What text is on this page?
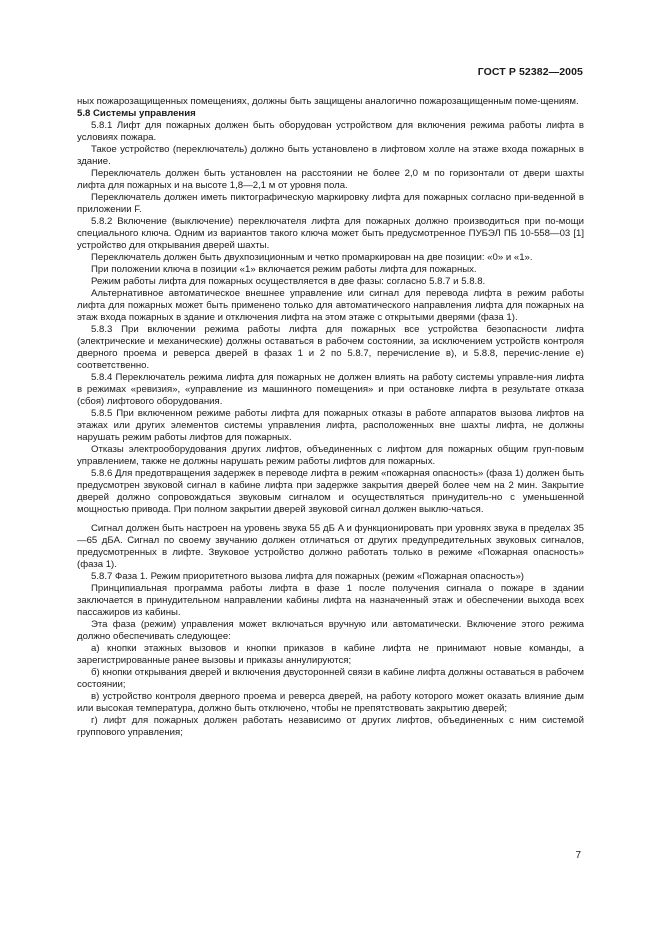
ГОСТ Р 52382—2005

ных пожарозащищенных помещениях, должны быть защищены аналогично пожарозащищенным поме-щениям.

5.8 Системы управления

5.8.1 Лифт для пожарных должен быть оборудован устройством для включения режима работы лифта в условиях пожара.

Такое устройство (переключатель) должно быть установлено в лифтовом холле на этаже входа пожарных в здание.

Переключатель должен быть установлен на расстоянии не более 2,0 м по горизонтали от двери шахты лифта для пожарных и на высоте 1,8—2,1 м от уровня пола.

Переключатель должен иметь пиктографическую маркировку лифта для пожарных согласно при-веденной в приложении F.

5.8.2 Включение (выключение) переключателя лифта для пожарных должно производиться при по-мощи специального ключа. Одним из вариантов такого ключа может быть предусмотренное ПУБЭЛ ПБ 10-558—03 [1] устройство для открывания дверей шахты.

Переключатель должен быть двухпозиционным и четко промаркирован на две позиции: «0» и «1».

При положении ключа в позиции «1» включается режим работы лифта для пожарных.

Режим работы лифта для пожарных осуществляется в две фазы: согласно 5.8.7 и 5.8.8.

Альтернативное автоматическое внешнее управление или сигнал для перевода лифта в режим работы лифта для пожарных может быть применено только для автоматического направления лифта для пожарных на этаж входа пожарных в здание и отключения лифта на этом этаже с открытыми дверями (фаза 1).

5.8.3 При включении режима работы лифта для пожарных все устройства безопасности лифта (электрические и механические) должны оставаться в рабочем состоянии, за исключением устройств контроля дверного проема и реверса дверей в фазах 1 и 2 по 5.8.7, перечисление в), и 5.8.8, перечис-ление е) соответственно.

5.8.4 Переключатель режима лифта для пожарных не должен влиять на работу системы управле-ния лифта в режимах «ревизия», «управление из машинного помещения» и при остановке лифта в результате отказа (сбоя) лифтового оборудования.

5.8.5 При включенном режиме работы лифта для пожарных отказы в работе аппаратов вызова лифтов на этажах или других элементов системы управления лифта, расположенных вне шахты лифта, не должны нарушать режим работы лифтов для пожарных.

Отказы электрооборудования других лифтов, объединенных с лифтом для пожарных общим груп-повым управлением, также не должны нарушать режим работы лифтов для пожарных.

5.8.6 Для предотвращения задержек в переводе лифта в режим «пожарная опасность» (фаза 1) должен быть предусмотрен звуковой сигнал в кабине лифта при задержке закрытия дверей более чем на 2 мин. Закрытие дверей должно сопровождаться звуковым сигналом и осуществляться принудитель-но с уменьшенной мощностью привода. При полном закрытии дверей звуковой сигнал должен выклю-чаться.

Сигнал должен быть настроен на уровень звука 55 дБ A и функционировать при уровнях звука в пределах 35—65 дБA. Сигнал по своему звучанию должен отличаться от других предупредительных звуковых сигналов, предусмотренных в лифте. Звуковое устройство должно работать только в режиме «Пожарная опасность» (фаза 1).

5.8.7 Фаза 1. Режим приоритетного вызова лифта для пожарных (режим «Пожарная опасность»)

Принципиальная программа работы лифта в фазе 1 после получения сигнала о пожаре в здании заключается в принудительном направлении кабины лифта на назначенный этаж и обеспечении выхода всех пассажиров из кабины.

Эта фаза (режим) управления может включаться вручную или автоматически. Включение этого режима должно обеспечивать следующее:

а) кнопки этажных вызовов и кнопки приказов в кабине лифта не принимают новые команды, а зарегистрированные ранее вызовы и приказы аннулируются;

б) кнопки открывания дверей и включения двусторонней связи в кабине лифта должны оставаться в рабочем состоянии;

в) устройство контроля дверного проема и реверса дверей, на работу которого может оказать влияние дым или высокая температура, должно быть отключено, чтобы не препятствовать закрытию дверей;

г) лифт для пожарных должен работать независимо от других лифтов, объединенных с ним системой группового управления;

7
